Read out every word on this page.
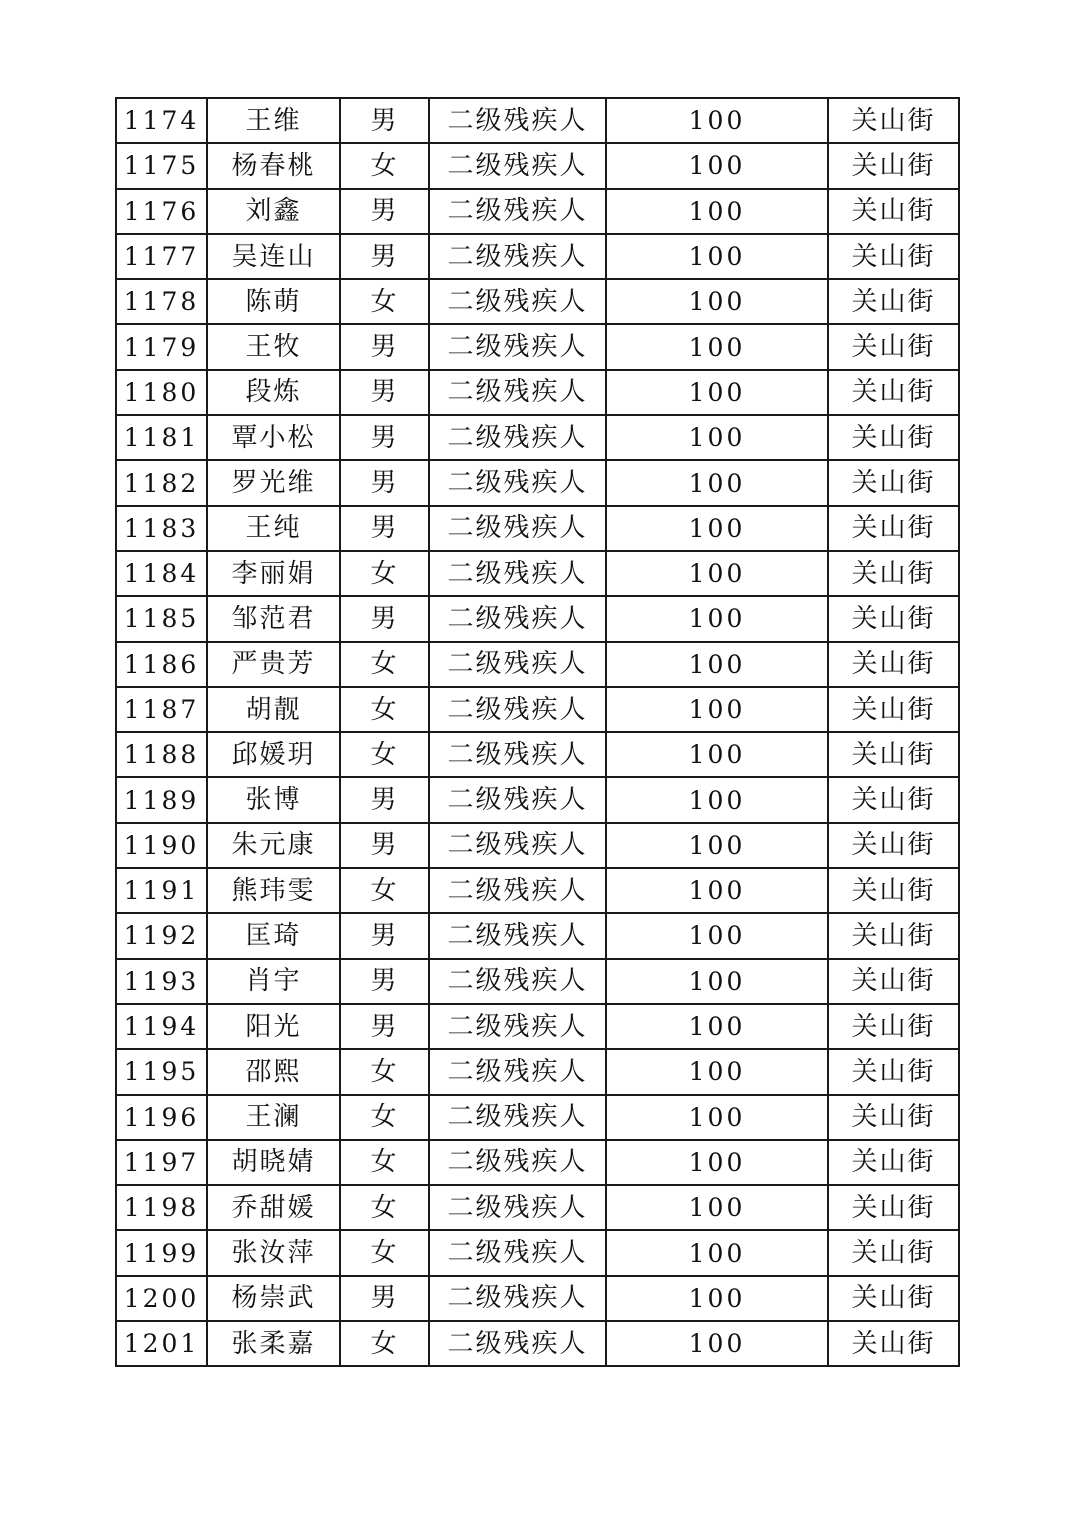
1174	王维	男	二级残疾人	100	关山街
1175	杨春桃	女	二级残疾人	100	关山街
1176	刘鑫	男	二级残疾人	100	关山街
1177	吴连山	男	二级残疾人	100	关山街
1178	陈萌	女	二级残疾人	100	关山街
1179	王牧	男	二级残疾人	100	关山街
1180	段炼	男	二级残疾人	100	关山街
1181	覃小松	男	二级残疾人	100	关山街
1182	罗光维	男	二级残疾人	100	关山街
1183	王纯	男	二级残疾人	100	关山街
1184	李丽娟	女	二级残疾人	100	关山街
1185	邹范君	男	二级残疾人	100	关山街
1186	严贵芳	女	二级残疾人	100	关山街
1187	胡靓	女	二级残疾人	100	关山街
1188	邱媛玥	女	二级残疾人	100	关山街
1189	张博	男	二级残疾人	100	关山街
1190	朱元康	男	二级残疾人	100	关山街
1191	熊玮雯	女	二级残疾人	100	关山街
1192	匡琦	男	二级残疾人	100	关山街
1193	肖宇	男	二级残疾人	100	关山街
1194	阳光	男	二级残疾人	100	关山街
1195	邵熙	女	二级残疾人	100	关山街
1196	王澜	女	二级残疾人	100	关山街
1197	胡晓婧	女	二级残疾人	100	关山街
1198	乔甜媛	女	二级残疾人	100	关山街
1199	张汝萍	女	二级残疾人	100	关山街
1200	杨崇武	男	二级残疾人	100	关山街
1201	张柔嘉	女	二级残疾人	100	关山街
